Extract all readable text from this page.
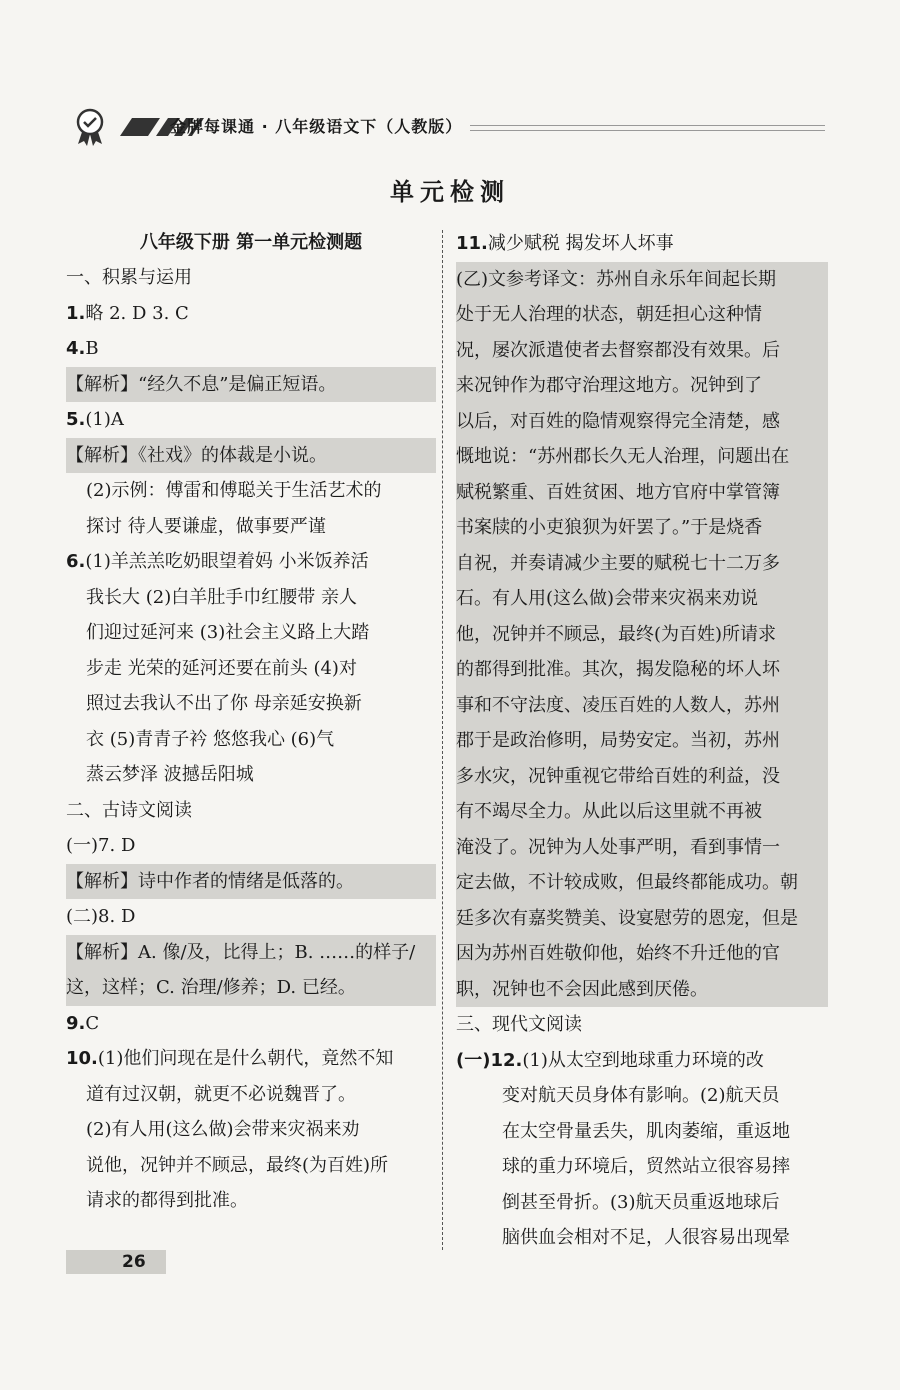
金牌每课通 · 八年级语文下（人教版）
单元检测
八年级下册 第一单元检测题
一、积累与运用
1.略 2. D 3. C
4.B
【解析】“经久不息”是偏正短语。
5.(1)A
【解析】《社戏》的体裁是小说。
(2)示例：傅雷和傅聪关于生活艺术的
探讨 待人要谦虚，做事要严谨
6.(1)羊羔羔吃奶眼望着妈 小米饭养活
我长大 (2)白羊肚手巾红腰带 亲人
们迎过延河来 (3)社会主义路上大踏
步走 光荣的延河还要在前头 (4)对
照过去我认不出了你 母亲延安换新
衣 (5)青青子衿 悠悠我心 (6)气
蒸云梦泽 波撼岳阳城
二、古诗文阅读
(一)7. D
【解析】诗中作者的情绪是低落的。
(二)8. D
【解析】A. 像/及，比得上；B. ……的样子/
这，这样；C. 治理/修养；D. 已经。
9.C
10.(1)他们问现在是什么朝代，竟然不知
道有过汉朝，就更不必说魏晋了。
(2)有人用(这么做)会带来灾祸来劝
说他，况钟并不顾忌，最终(为百姓)所
请求的都得到批准。
11.减少赋税 揭发坏人坏事
(乙)文参考译文：苏州自永乐年间起长期
处于无人治理的状态，朝廷担心这种情
况，屡次派遣使者去督察都没有效果。后
来况钟作为郡守治理这地方。况钟到了
以后，对百姓的隐情观察得完全清楚，感
慨地说：“苏州郡长久无人治理，问题出在
赋税繁重、百姓贫困、地方官府中掌管簿
书案牍的小吏狼狈为奸罢了。”于是烧香
自祝，并奏请减少主要的赋税七十二万多
石。有人用(这么做)会带来灾祸来劝说
他，况钟并不顾忌，最终(为百姓)所请求
的都得到批准。其次，揭发隐秘的坏人坏
事和不守法度、凌压百姓的人数人，苏州
郡于是政治修明，局势安定。当初，苏州
多水灾，况钟重视它带给百姓的利益，没
有不竭尽全力。从此以后这里就不再被
淹没了。况钟为人处事严明，看到事情一
定去做，不计较成败，但最终都能成功。朝
廷多次有嘉奖赞美、设宴慰劳的恩宠，但是
因为苏州百姓敬仰他，始终不升迁他的官
职，况钟也不会因此感到厌倦。
三、现代文阅读
(一)12.(1)从太空到地球重力环境的改
变对航天员身体有影响。(2)航天员
在太空骨量丢失，肌肉萎缩，重返地
球的重力环境后，贸然站立很容易摔
倒甚至骨折。(3)航天员重返地球后
脑供血会相对不足，人很容易出现晕
26
